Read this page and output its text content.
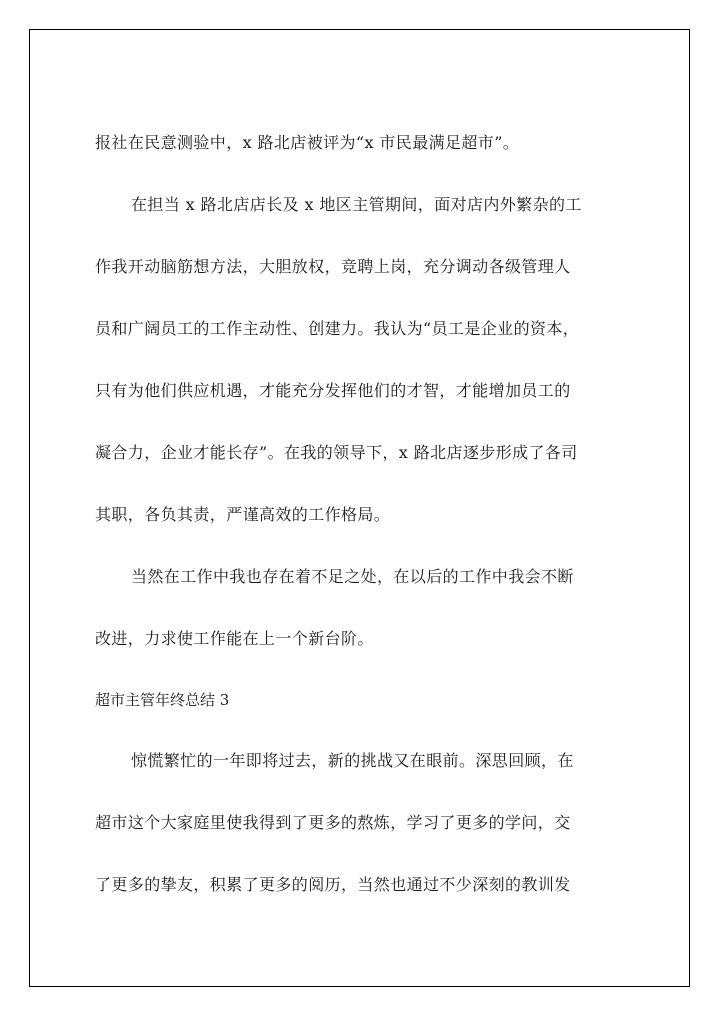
报社在民意测验中，x 路北店被评为“x 市民最满足超市”。

在担当 x 路北店店长及 x 地区主管期间，面对店内外繁杂的工

作我开动脑筋想方法，大胆放权，竞聘上岗，充分调动各级管理人

员和广阔员工的工作主动性、创建力。我认为“员工是企业的资本，

只有为他们供应机遇，才能充分发挥他们的才智，才能增加员工的

凝合力，企业才能长存”。在我的领导下，x 路北店逐步形成了各司

其职，各负其责，严谨高效的工作格局。

当然在工作中我也存在着不足之处，在以后的工作中我会不断

改进，力求使工作能在上一个新台阶。

超市主管年终总结 3

惊慌繁忙的一年即将过去，新的挑战又在眼前。深思回顾，在

超市这个大家庭里使我得到了更多的熬炼，学习了更多的学问，交

了更多的挚友，积累了更多的阅历，当然也通过不少深刻的教训发
